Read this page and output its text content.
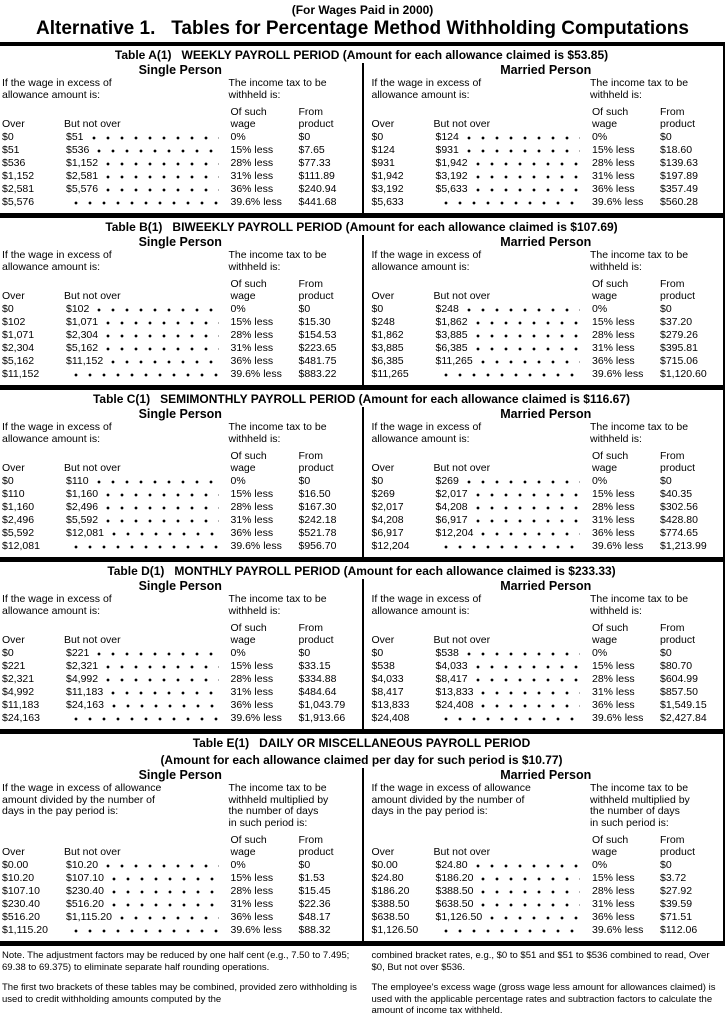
(For Wages Paid in 2000)
Alternative 1.   Tables for Percentage Method Withholding Computations
Table A(1)   WEEKLY PAYROLL PERIOD (Amount for each allowance claimed is $53.85)
Single Person
If the wage in excess of
allowance amount is:
The income tax to be
withheld is:
Over	But not over
Of such
wage
From
product
$0	$51	0%	$0
$51	$536	15% less	$7.65
$536	$1,152	28% less	$77.33
$1,152	$2,581	31% less	$111.89
$2,581	$5,576	36% less	$240.94
$5,576	39.6% less	$441.68
Married Person
If the wage in excess of
allowance amount is:
The income tax to be
withheld is:
Over	But not over
Of such
wage
From
product
$0	$124	0%	$0
$124	$931	15% less	$18.60
$931	$1,942	28% less	$139.63
$1,942	$3,192	31% less	$197.89
$3,192	$5,633	36% less	$357.49
$5,633	39.6% less	$560.28
Table B(1)   BIWEEKLY PAYROLL PERIOD (Amount for each allowance claimed is $107.69)
Single Person
If the wage in excess of
allowance amount is:
The income tax to be
withheld is:
Over	But not over
Of such
wage
From
product
$0	$102	0%	$0
$102	$1,071	15% less	$15.30
$1,071	$2,304	28% less	$154.53
$2,304	$5,162	31% less	$223.65
$5,162	$11,152	36% less	$481.75
$11,152	39.6% less	$883.22
Married Person
If the wage in excess of
allowance amount is:
The income tax to be
withheld is:
Over	But not over
Of such
wage
From
product
$0	$248	0%	$0
$248	$1,862	15% less	$37.20
$1,862	$3,885	28% less	$279.26
$3,885	$6,385	31% less	$395.81
$6,385	$11,265	36% less	$715.06
$11,265	39.6% less	$1,120.60
Table C(1)   SEMIMONTHLY PAYROLL PERIOD (Amount for each allowance claimed is $116.67)
Single Person
If the wage in excess of
allowance amount is:
The income tax to be
withheld is:
Over	But not over
Of such
wage
From
product
$0	$110	0%	$0
$110	$1,160	15% less	$16.50
$1,160	$2,496	28% less	$167.30
$2,496	$5,592	31% less	$242.18
$5,592	$12,081	36% less	$521.78
$12,081	39.6% less	$956.70
Married Person
If the wage in excess of
allowance amount is:
The income tax to be
withheld is:
Over	But not over
Of such
wage
From
product
$0	$269	0%	$0
$269	$2,017	15% less	$40.35
$2,017	$4,208	28% less	$302.56
$4,208	$6,917	31% less	$428.80
$6,917	$12,204	36% less	$774.65
$12,204	39.6% less	$1,213.99
Table D(1)   MONTHLY PAYROLL PERIOD (Amount for each allowance claimed is $233.33)
Single Person
If the wage in excess of
allowance amount is:
The income tax to be
withheld is:
Over	But not over
Of such
wage
From
product
$0	$221	0%	$0
$221	$2,321	15% less	$33.15
$2,321	$4,992	28% less	$334.88
$4,992	$11,183	31% less	$484.64
$11,183	$24,163	36% less	$1,043.79
$24,163	39.6% less	$1,913.66
Married Person
If the wage in excess of
allowance amount is:
The income tax to be
withheld is:
Over	But not over
Of such
wage
From
product
$0	$538	0%	$0
$538	$4,033	15% less	$80.70
$4,033	$8,417	28% less	$604.99
$8,417	$13,833	31% less	$857.50
$13,833	$24,408	36% less	$1,549.15
$24,408	39.6% less	$2,427.84
Table E(1)   DAILY OR MISCELLANEOUS PAYROLL PERIOD
(Amount for each allowance claimed per day for such period is $10.77)
Single Person
If the wage in excess of allowance
amount divided by the number of
days in the pay period is:
The income tax to be
withheld multiplied by
the number of days
in such period is:
Over	But not over
Of such
wage
From
product
$0.00	$10.20	0%	$0
$10.20	$107.10	15% less	$1.53
$107.10	$230.40	28% less	$15.45
$230.40	$516.20	31% less	$22.36
$516.20	$1,115.20	36% less	$48.17
$1,115.20	39.6% less	$88.32
Married Person
If the wage in excess of allowance
amount divided by the number of
days in the pay period is:
The income tax to be
withheld multiplied by
the number of days
in such period is:
Over	But not over
Of such
wage
From
product
$0.00	$24.80	0%	$0
$24.80	$186.20	15% less	$3.72
$186.20	$388.50	28% less	$27.92
$388.50	$638.50	31% less	$39.59
$638.50	$1,126.50	36% less	$71.51
$1,126.50	39.6% less	$112.06

Note. The adjustment factors may be reduced by one half cent (e.g., 7.50 to 7.495; 69.38 to 69.375) to eliminate separate half rounding operations.

The first two brackets of these tables may be combined, provided zero withholding is used to credit withholding amounts computed by the

combined bracket rates, e.g., $0 to $51 and $51 to $536 combined to read, Over $0, But not over $536.

The employee's excess wage (gross wage less amount for allowances claimed) is used with the applicable percentage rates and subtraction factors to calculate the amount of income tax withheld.
